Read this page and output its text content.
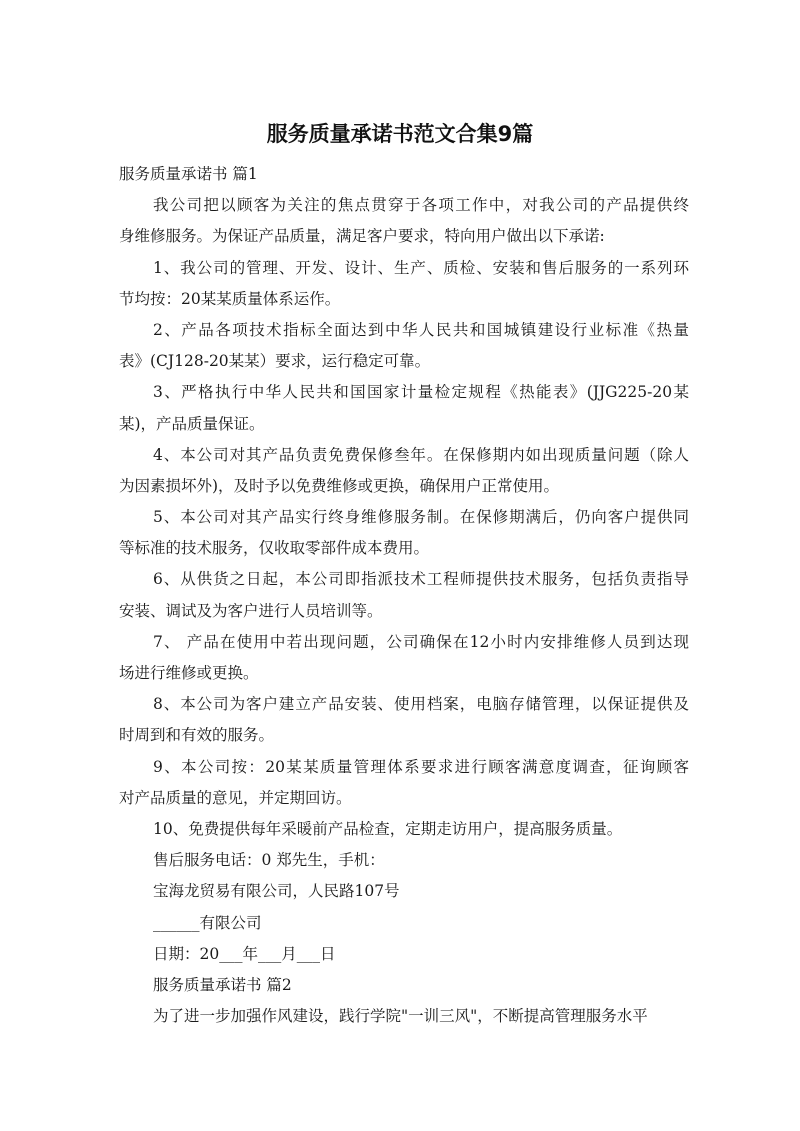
服务质量承诺书范文合集9篇
服务质量承诺书 篇1
我公司把以顾客为关注的焦点贯穿于各项工作中，对我公司的产品提供终
身维修服务。为保证产品质量，满足客户要求，特向用户做出以下承诺:
1、我公司的管理、开发、设计、生产、质检、安装和售后服务的一系列环
节均按：20某某质量体系运作。
2、产品各项技术指标全面达到中华人民共和国城镇建设行业标准《热量
表》(CJ128-20某某）要求，运行稳定可靠。
3、严格执行中华人民共和国国家计量检定规程《热能表》(JJG225-20某
某)，产品质量保证。
4、本公司对其产品负责免费保修叁年。在保修期内如出现质量问题（除人
为因素损坏外)，及时予以免费维修或更换，确保用户正常使用。
5、本公司对其产品实行终身维修服务制。在保修期满后，仍向客户提供同
等标准的技术服务，仅收取零部件成本费用。
6、从供货之日起，本公司即指派技术工程师提供技术服务，包括负责指导
安装、调试及为客户进行人员培训等。
7、 产品在使用中若出现问题，公司确保在12小时内安排维修人员到达现
场进行维修或更换。
8、本公司为客户建立产品安装、使用档案，电脑存储管理，以保证提供及
时周到和有效的服务。
9、本公司按：20某某质量管理体系要求进行顾客满意度调查，征询顾客
对产品质量的意见，并定期回访。
10、免费提供每年采暖前产品检查，定期走访用户，提高服务质量。
售后服务电话：0 郑先生，手机：
宝海龙贸易有限公司，人民路107号
______有限公司
日期：20___年___月___日
服务质量承诺书 篇2
为了进一步加强作风建设，践行学院"一训三风"，不断提高管理服务水平
